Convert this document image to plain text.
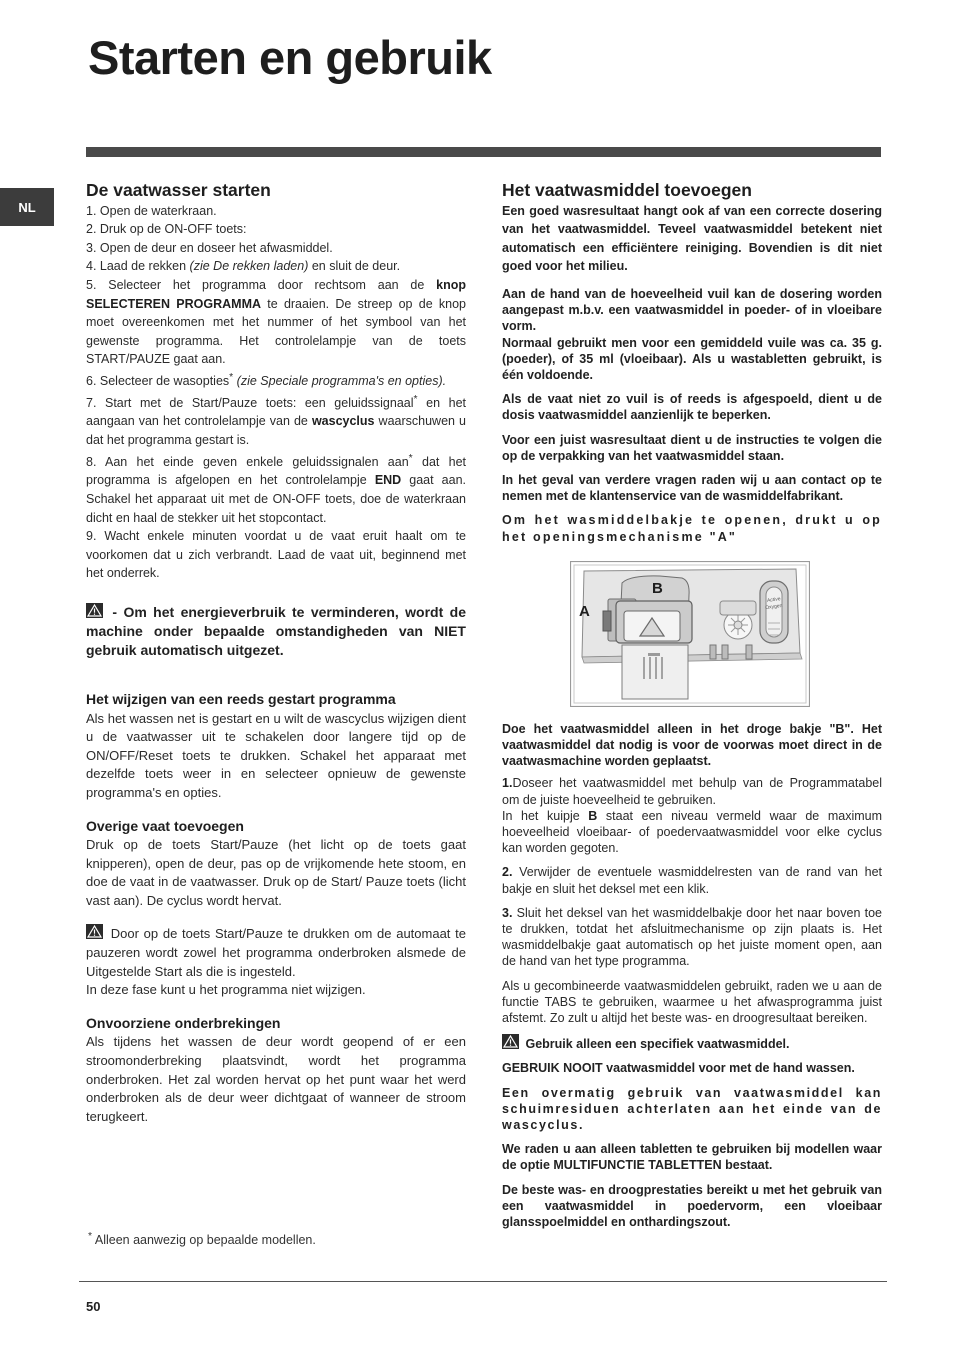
Starten en gebruik
NL
De vaatwasser starten
1. Open de waterkraan.
2. Druk op de ON-OFF toets:
3. Open de deur en doseer het afwasmiddel.
4. Laad de rekken (zie De rekken laden) en sluit de deur.
5. Selecteer het programma door rechtsom aan de knop SELECTEREN PROGRAMMA te draaien. De streep op de knop moet overeenkomen met het nummer of het symbool van het gewenste programma. Het controlelampje van de toets START/PAUZE gaat aan.
6. Selecteer de wasopties* (zie Speciale programma's en opties).
7. Start met de Start/Pauze toets: een geluidssignaal* en het aangaan van het controlelampje van de wascyclus waarschuwen u dat het programma gestart is.
8. Aan het einde geven enkele geluidssignalen aan* dat het programma is afgelopen en het controlelampje END gaat aan. Schakel het apparaat uit met de ON-OFF toets, doe de waterkraan dicht en haal de stekker uit het stopcontact.
9. Wacht enkele minuten voordat u de vaat eruit haalt om te voorkomen dat u zich verbrandt. Laad de vaat uit, beginnend met het onderrek.

- Om het energieverbruik te verminderen, wordt de machine onder bepaalde omstandigheden van NIET gebruik automatisch uitgezet.

Het wijzigen van een reeds gestart programma

Als het wassen net is gestart en u wilt de wascyclus wijzigen dient u de vaatwasser uit te schakelen door langere tijd op de ON/OFF/Reset toets te drukken. Schakel het apparaat met dezelfde toets weer in en selecteer opnieuw de gewenste programma's en opties.

Overige vaat toevoegen

Druk op de toets Start/Pauze (het licht op de toets gaat knipperen), open de deur, pas op de vrijkomende hete stoom, en doe de vaat in de vaatwasser. Druk op de Start/ Pauze toets (licht vast aan). De cyclus wordt hervat.

Door op de toets Start/Pauze te drukken om de automaat te pauzeren wordt zowel het programma onderbroken alsmede de Uitgestelde Start als die is ingesteld.

In deze fase kunt u het programma niet wijzigen.

Onvoorziene onderbrekingen

Als tijdens het wassen de deur wordt geopend of er een stroomonderbreking plaatsvindt, wordt het programma onderbroken. Het zal worden hervat op het punt waar het werd onderbroken als de deur weer dichtgaat of wanneer de stroom terugkeert.

Het vaatwasmiddel toevoegen

Een goed wasresultaat hangt ook af van een correcte dosering van het vaatwasmiddel. Teveel vaatwasmiddel betekent niet automatisch een efficiëntere reiniging. Bovendien is dit niet goed voor het milieu.

Aan de hand van de hoeveelheid vuil kan de dosering worden aangepast m.b.v. een vaatwasmiddel in poeder- of in vloeibare vorm.

Normaal gebruikt men voor een gemiddeld vuile was ca. 35 g. (poeder), of 35 ml (vloeibaar). Als u wastabletten gebruikt, is één voldoende.

Als de vaat niet zo vuil is of reeds is afgespoeld, dient u de dosis vaatwasmiddel aanzienlijk te beperken.

Voor een juist wasresultaat dient u de instructies te volgen die op de verpakking van het vaatwasmiddel staan.

In het geval van verdere vragen raden wij u aan contact op te nemen met de klantenservice van de wasmiddelfabrikant.

Om het wasmiddelbakje te openen, drukt u op het openingsmechanisme "A"

Active
Oxygen
B
A

Doe het vaatwasmiddel alleen in het droge bakje "B". Het vaatwasmiddel dat nodig is voor de voorwas moet direct in de vaatwasmachine worden geplaatst.

1.Doseer het vaatwasmiddel met behulp van de Programmatabel om de juiste hoeveelheid te gebruiken.

In het kuipje B staat een niveau vermeld waar de maximum hoeveelheid vloeibaar- of poedervaatwasmiddel voor elke cyclus kan worden gegoten.

2. Verwijder de eventuele wasmiddelresten van de rand van het bakje en sluit het deksel met een klik.

3. Sluit het deksel van het wasmiddelbakje door het naar boven toe te drukken, totdat het afsluitmechanisme op zijn plaats is. Het wasmiddelbakje gaat automatisch op het juiste moment open, aan de hand van het type programma.

Als u gecombineerde vaatwasmiddelen gebruikt, raden we u aan de functie TABS te gebruiken, waarmee u het afwasprogramma juist afstemt. Zo zult u altijd het beste was- en droogresultaat bereiken.

Gebruik alleen een specifiek vaatwasmiddel.

GEBRUIK NOOIT vaatwasmiddel voor met de hand wassen.

Een overmatig gebruik van vaatwasmiddel kan schuimresiduen achterlaten aan het einde van de wascyclus.

We raden u aan alleen tabletten te gebruiken bij modellen waar de optie MULTIFUNCTIE TABLETTEN bestaat.

De beste was- en droogprestaties bereikt u met het gebruik van een vaatwasmiddel in poedervorm, een vloeibaar glansspoelmiddel en onthardingszout.

* Alleen aanwezig op bepaalde modellen.
50
